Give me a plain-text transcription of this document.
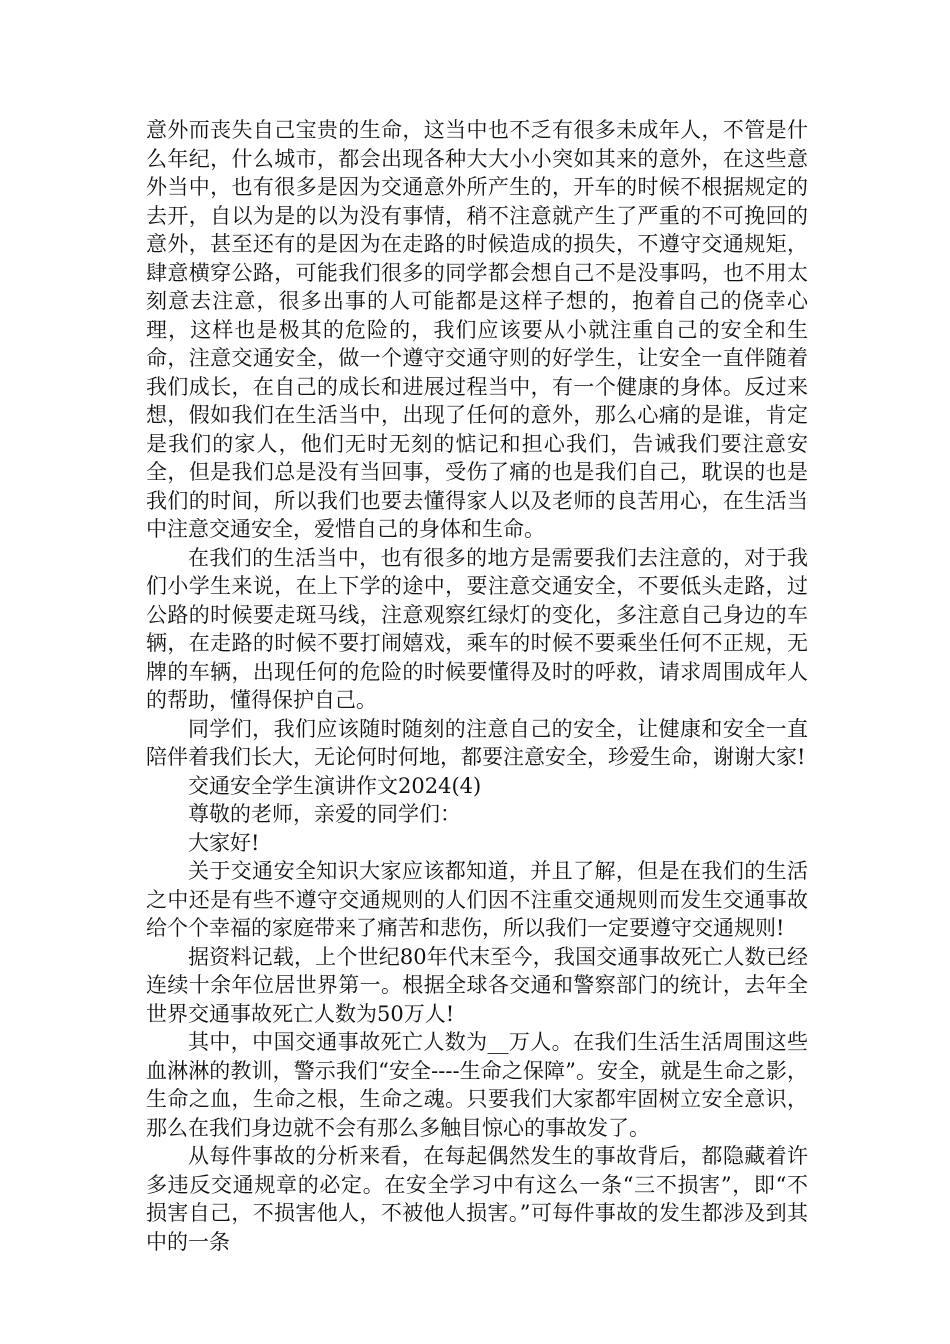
意外而丧失自己宝贵的生命，这当中也不乏有很多未成年人，不管是什么年纪，什么城市，都会出现各种大大小小突如其来的意外，在这些意外当中，也有很多是因为交通意外所产生的，开车的时候不根据规定的去开，自以为是的以为没有事情，稍不注意就产生了严重的不可挽回的意外，甚至还有的是因为在走路的时候造成的损失，不遵守交通规矩，肆意横穿公路，可能我们很多的同学都会想自己不是没事吗，也不用太刻意去注意，很多出事的人可能都是这样子想的，抱着自己的侥幸心理，这样也是极其的危险的，我们应该要从小就注重自己的安全和生命，注意交通安全，做一个遵守交通守则的好学生，让安全一直伴随着我们成长，在自己的成长和进展过程当中，有一个健康的身体。反过来想，假如我们在生活当中，出现了任何的意外，那么心痛的是谁，肯定是我们的家人，他们无时无刻的惦记和担心我们，告诫我们要注意安全，但是我们总是没有当回事，受伤了痛的也是我们自己，耽误的也是我们的时间，所以我们也要去懂得家人以及老师的良苦用心，在生活当中注意交通安全，爱惜自己的身体和生命。

在我们的生活当中，也有很多的地方是需要我们去注意的，对于我们小学生来说，在上下学的途中，要注意交通安全，不要低头走路，过公路的时候要走斑马线，注意观察红绿灯的变化，多注意自己身边的车辆，在走路的时候不要打闹嬉戏，乘车的时候不要乘坐任何不正规，无牌的车辆，出现任何的危险的时候要懂得及时的呼救，请求周围成年人的帮助，懂得保护自己。

同学们，我们应该随时随刻的注意自己的安全，让健康和安全一直陪伴着我们长大，无论何时何地，都要注意安全，珍爱生命，谢谢大家!

交通安全学生演讲作文2024(4)

尊敬的老师，亲爱的同学们：

大家好!

关于交通安全知识大家应该都知道，并且了解，但是在我们的生活之中还是有些不遵守交通规则的人们因不注重交通规则而发生交通事故给个个幸福的家庭带来了痛苦和悲伤，所以我们一定要遵守交通规则!

据资料记载，上个世纪80年代末至今，我国交通事故死亡人数已经连续十余年位居世界第一。根据全球各交通和警察部门的统计，去年全世界交通事故死亡人数为50万人!

其中，中国交通事故死亡人数为__万人。在我们生活生活周围这些血淋淋的教训，警示我们“安全----生命之保障”。安全，就是生命之影，生命之血，生命之根，生命之魂。只要我们大家都牢固树立安全意识，那么在我们身边就不会有那么多触目惊心的事故发了。

从每件事故的分析来看，在每起偶然发生的事故背后，都隐藏着许多违反交通规章的必定。在安全学习中有这么一条“三不损害”，即“不损害自己，不损害他人，不被他人损害。”可每件事故的发生都涉及到其中的一条
